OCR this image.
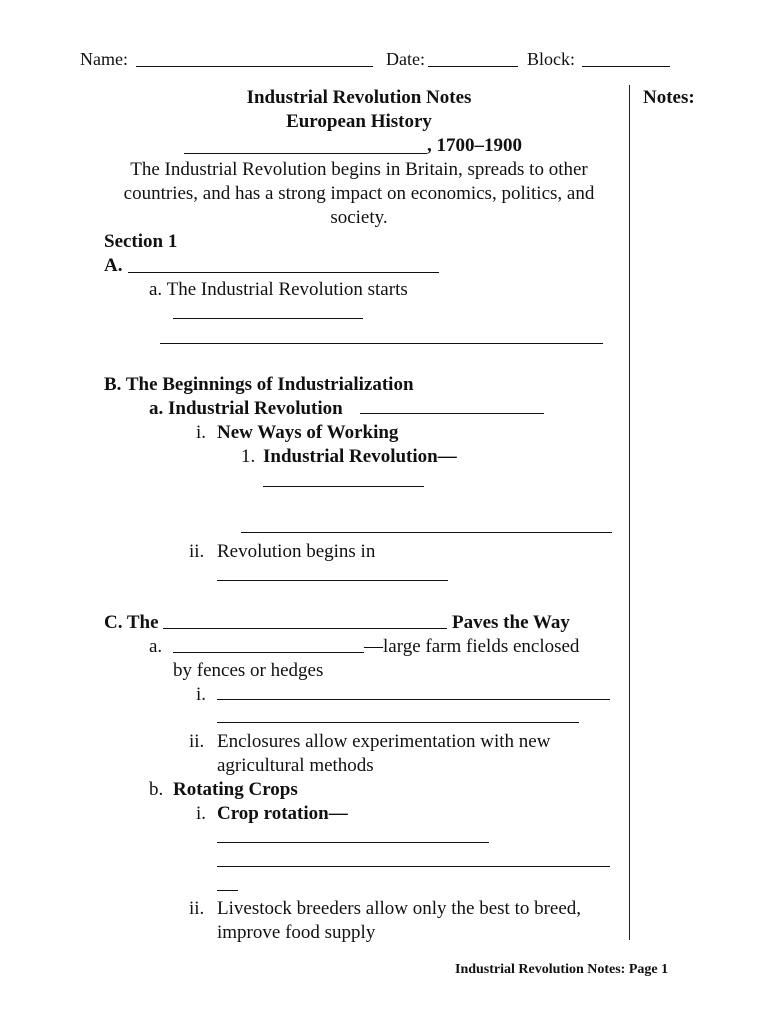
Name:	Date:	Block:
Notes:
Industrial Revolution Notes
European History
, 1700–1900
The Industrial Revolution begins in Britain, spreads to other
countries, and has a strong impact on economics, politics, and
society.
Section 1
A.
a. The Industrial Revolution starts
B. The Beginnings of Industrialization
a. Industrial Revolution
i. New Ways of Working
1. Industrial Revolution—
ii. Revolution begins in
C. The	Paves the Way
a.	—large farm fields enclosed
by fences or hedges
i.
ii. Enclosures allow experimentation with new
agricultural methods
b. Rotating Crops
i. Crop rotation—
ii. Livestock breeders allow only the best to breed,
improve food supply
Industrial Revolution Notes: Page 1
